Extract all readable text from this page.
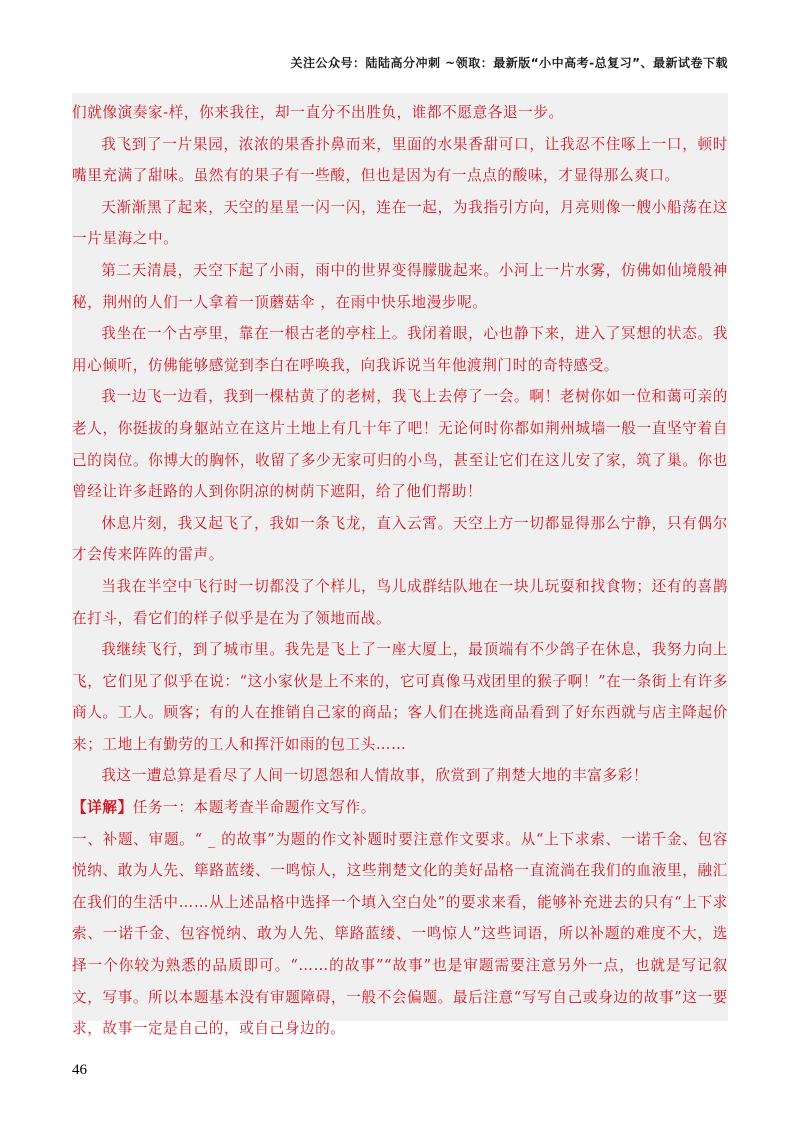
关注公众号：陆陆高分冲刺 ~领取：最新版“小中高考-总复习”、最新试卷下载

们就像演奏家-样，你来我往，却一直分不出胜负，谁都不愿意各退一步。

我飞到了一片果园，浓浓的果香扑鼻而来，里面的水果香甜可口，让我忍不住啄上一口，顿时嘴里充满了甜味。虽然有的果子有一些酸，但也是因为有一点点的酸味，才显得那么爽口。

天渐渐黑了起来，天空的星星一闪一闪，连在一起，为我指引方向，月亮则像一艘小船荡在这一片星海之中。

第二天清晨，天空下起了小雨，雨中的世界变得朦胧起来。小河上一片水雾，仿佛如仙境般神秘，荆州的人们一人拿着一顶蘑菇伞 ，在雨中快乐地漫步呢。

我坐在一个古亭里，靠在一根古老的亭柱上。我闭着眼，心也静下来，进入了冥想的状态。我用心倾听，仿佛能够感觉到李白在呼唤我，向我诉说当年他渡荆门时的奇特感受。

我一边飞一边看，我到一棵枯黄了的老树，我飞上去停了一会。啊！老树你如一位和蔼可亲的老人，你挺拔的身躯站立在这片土地上有几十年了吧！无论何时你都如荆州城墙一般一直坚守着自己的岗位。你博大的胸怀，收留了多少无家可归的小鸟，甚至让它们在这儿安了家，筑了巢。你也曾经让许多赶路的人到你阴凉的树荫下遮阳，给了他们帮助！

休息片刻，我又起飞了，我如一条飞龙，直入云霄。天空上方一切都显得那么宁静，只有偶尔才会传来阵阵的雷声。

当我在半空中飞行时一切都没了个样儿，鸟儿成群结队地在一块儿玩耍和找食物；还有的喜鹊在打斗，看它们的样子似乎是在为了领地而战。

我继续飞行，到了城市里。我先是飞上了一座大厦上，最顶端有不少鸽子在休息，我努力向上飞，它们见了似乎在说：“这小家伙是上不来的，它可真像马戏团里的猴子啊！”在一条街上有许多商人。工人。顾客；有的人在推销自己家的商品；客人们在挑选商品看到了好东西就与店主降起价来；工地上有勤劳的工人和挥汗如雨的包工头……

我这一遭总算是看尽了人间一切恩怨和人情故事，欣赏到了荆楚大地的丰富多彩！

【详解】任务一：本题考查半命题作文写作。

一、补题、审题。“ _ 的故事”为题的作文补题时要注意作文要求。从“上下求索、一诺千金、包容悦纳、敢为人先、筚路蓝缕、一鸣惊人，这些荆楚文化的美好品格一直流淌在我们的血液里，融汇在我们的生活中……从上述品格中选择一个填入空白处”的要求来看，能够补充进去的只有“上下求索、一诺千金、包容悦纳、敢为人先、筚路蓝缕、一鸣惊人”这些词语，所以补题的难度不大，选择一个你较为熟悉的品质即可。“……的故事”“故事”也是审题需要注意另外一点，也就是写记叙文，写事。所以本题基本没有审题障碍，一般不会偏题。最后注意“写写自己或身边的故事”这一要求，故事一定是自己的，或自己身边的。

46
